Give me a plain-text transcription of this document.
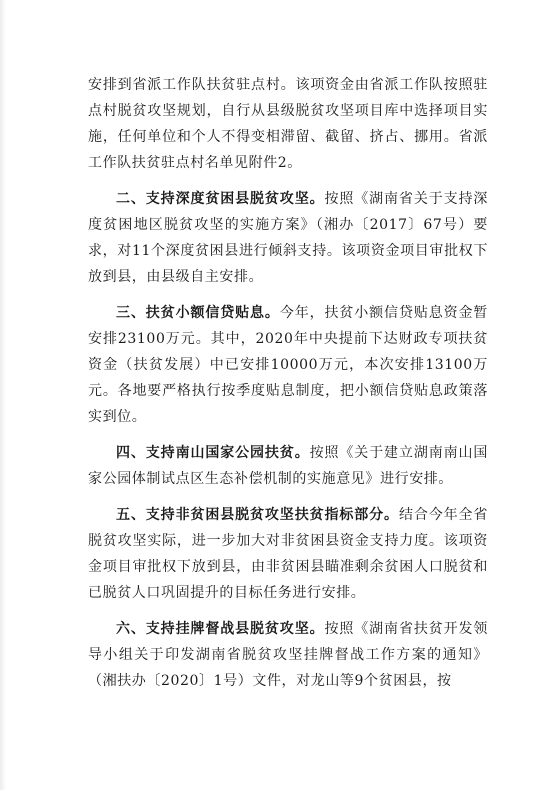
安排到省派工作队扶贫驻点村。该项资金由省派工作队按照驻点村脱贫攻坚规划，自行从县级脱贫攻坚项目库中选择项目实施，任何单位和个人不得变相滞留、截留、挤占、挪用。省派工作队扶贫驻点村名单见附件2。

二、支持深度贫困县脱贫攻坚。按照《湖南省关于支持深度贫困地区脱贫攻坚的实施方案》（湘办〔2017〕67号）要求，对11个深度贫困县进行倾斜支持。该项资金项目审批权下放到县，由县级自主安排。

三、扶贫小额信贷贴息。今年，扶贫小额信贷贴息资金暂安排23100万元。其中，2020年中央提前下达财政专项扶贫资金（扶贫发展）中已安排10000万元，本次安排13100万元。各地要严格执行按季度贴息制度，把小额信贷贴息政策落实到位。

四、支持南山国家公园扶贫。按照《关于建立湖南南山国家公园体制试点区生态补偿机制的实施意见》进行安排。

五、支持非贫困县脱贫攻坚扶贫指标部分。结合今年全省脱贫攻坚实际，进一步加大对非贫困县资金支持力度。该项资金项目审批权下放到县，由非贫困县瞄准剩余贫困人口脱贫和已脱贫人口巩固提升的目标任务进行安排。

六、支持挂牌督战县脱贫攻坚。按照《湖南省扶贫开发领导小组关于印发湖南省脱贫攻坚挂牌督战工作方案的通知》（湘扶办〔2020〕1号）文件，对龙山等9个贫困县，按
